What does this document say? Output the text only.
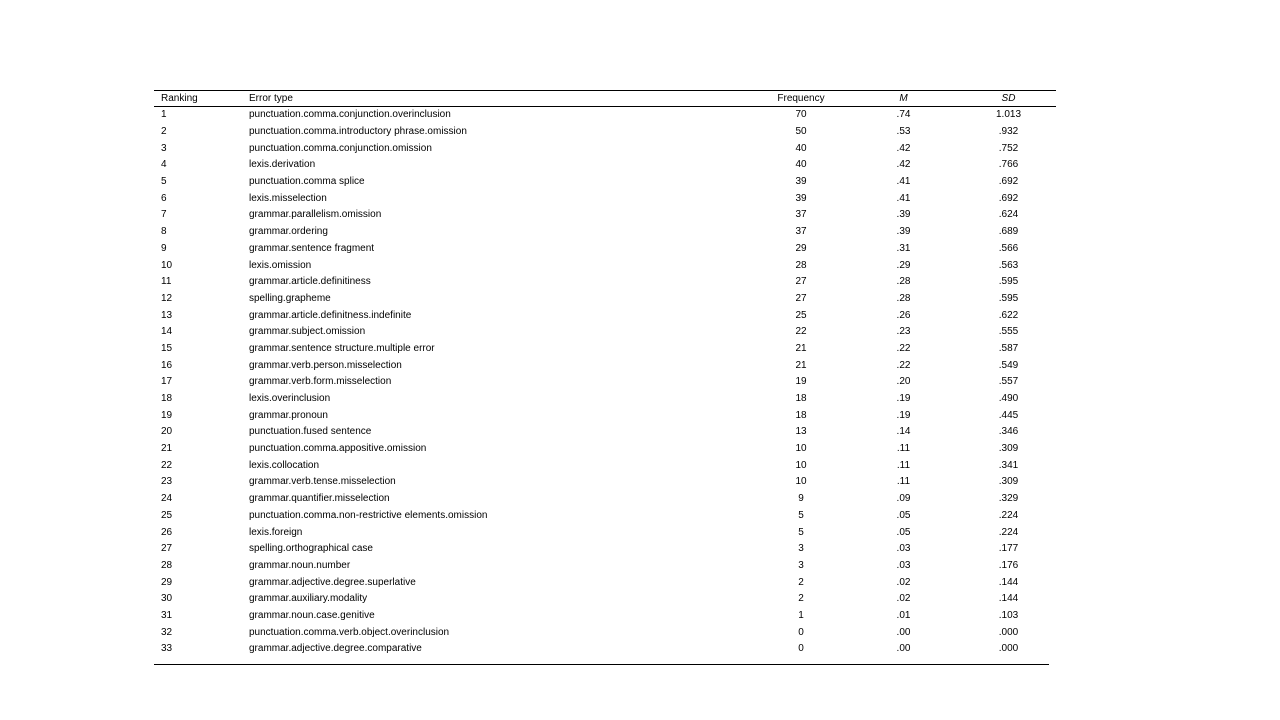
Ranking	Error type	Frequency	M	SD
1	punctuation.comma.conjunction.overinclusion	70	.74	1.013
2	punctuation.comma.introductory phrase.omission	50	.53	.932
3	punctuation.comma.conjunction.omission	40	.42	.752
4	lexis.derivation	40	.42	.766
5	punctuation.comma splice	39	.41	.692
6	lexis.misselection	39	.41	.692
7	grammar.parallelism.omission	37	.39	.624
8	grammar.ordering	37	.39	.689
9	grammar.sentence fragment	29	.31	.566
10	lexis.omission	28	.29	.563
11	grammar.article.definitiness	27	.28	.595
12	spelling.grapheme	27	.28	.595
13	grammar.article.definitness.indefinite	25	.26	.622
14	grammar.subject.omission	22	.23	.555
15	grammar.sentence structure.multiple error	21	.22	.587
16	grammar.verb.person.misselection	21	.22	.549
17	grammar.verb.form.misselection	19	.20	.557
18	lexis.overinclusion	18	.19	.490
19	grammar.pronoun	18	.19	.445
20	punctuation.fused sentence	13	.14	.346
21	punctuation.comma.appositive.omission	10	.11	.309
22	lexis.collocation	10	.11	.341
23	grammar.verb.tense.misselection	10	.11	.309
24	grammar.quantifier.misselection	9	.09	.329
25	punctuation.comma.non-restrictive elements.omission	5	.05	.224
26	lexis.foreign	5	.05	.224
27	spelling.orthographical case	3	.03	.177
28	grammar.noun.number	3	.03	.176
29	grammar.adjective.degree.superlative	2	.02	.144
30	grammar.auxiliary.modality	2	.02	.144
31	grammar.noun.case.genitive	1	.01	.103
32	punctuation.comma.verb.object.overinclusion	0	.00	.000
33	grammar.adjective.degree.comparative	0	.00	.000
